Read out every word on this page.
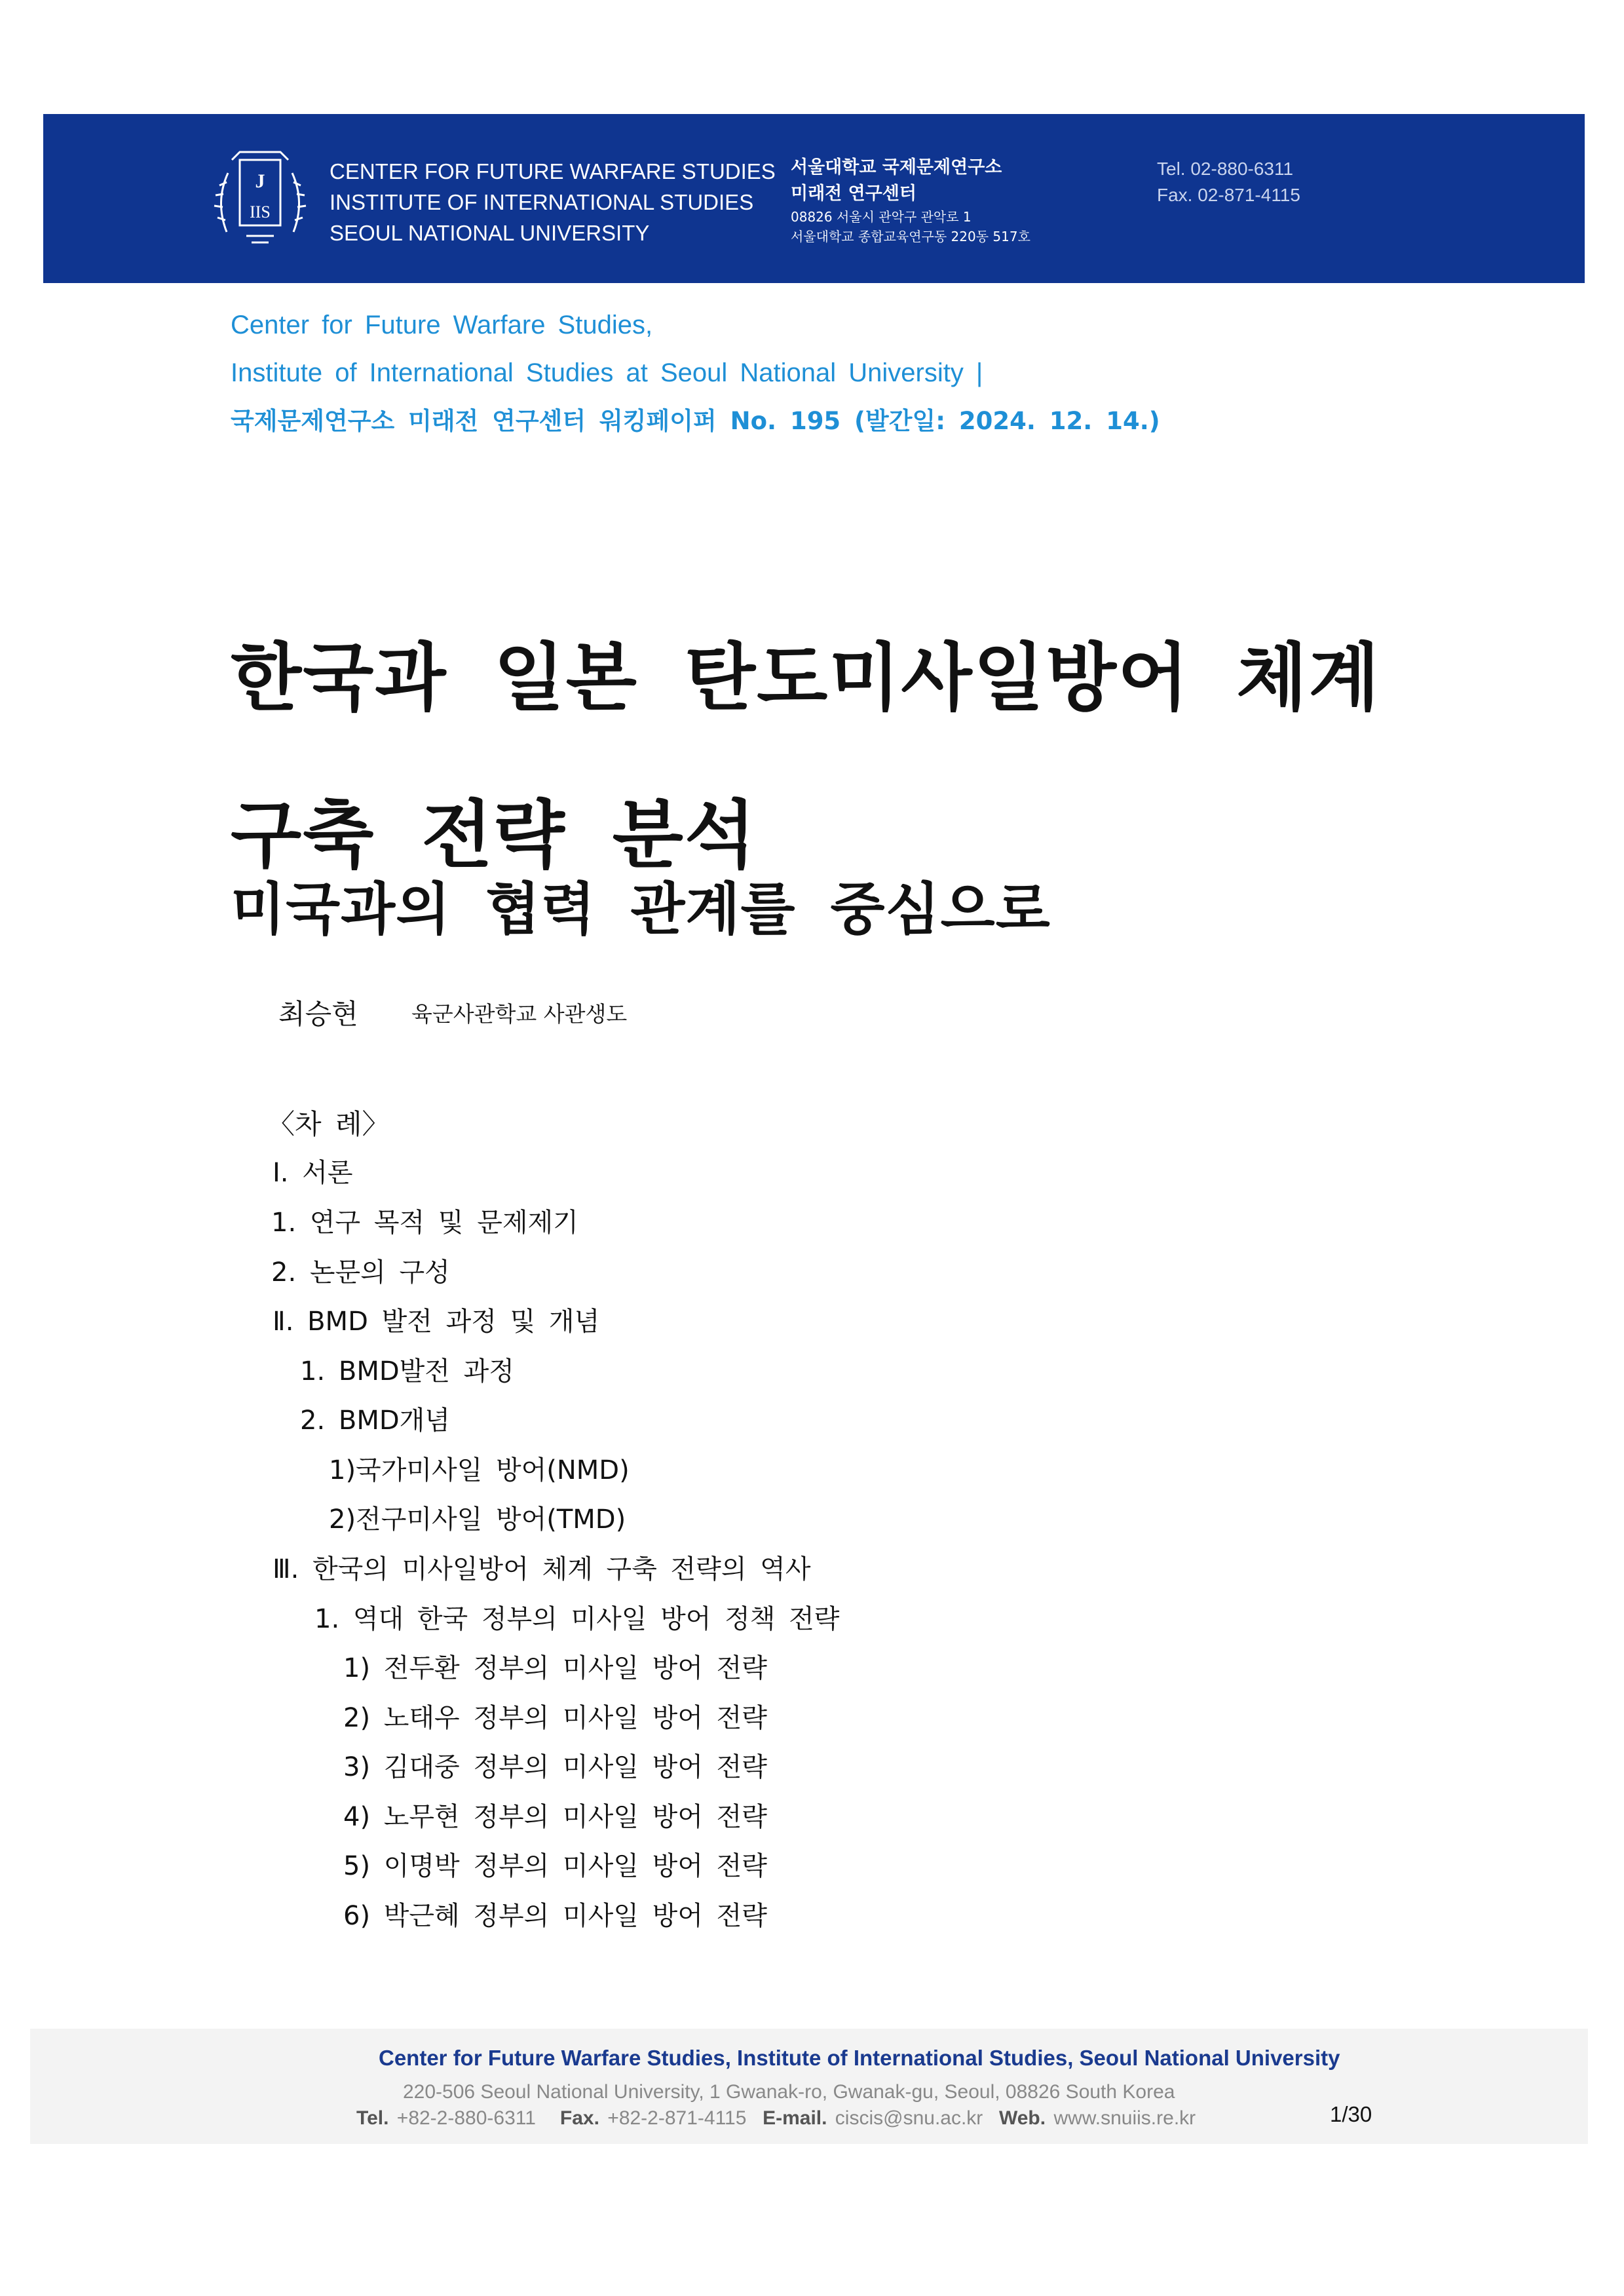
J
IIS
CENTER FOR FUTURE WARFARE STUDIES
INSTITUTE OF INTERNATIONAL STUDIES
SEOUL NATIONAL UNIVERSITY
서울대학교 국제문제연구소
미래전 연구센터
08826 서울시 관악구 관악로 1
서울대학교 종합교육연구동 220동 517호
Tel. 02-880-6311
Fax. 02-871-4115
Center for Future Warfare Studies,
Institute of International Studies at Seoul National University |
국제문제연구소 미래전 연구센터 워킹페이퍼 No. 195 (발간일: 2024. 12. 14.)
한국과 일본 탄도미사일방어 체계
구축 전략 분석
미국과의 협력 관계를 중심으로
최승현 육군사관학교 사관생도
〈차 례〉
Ⅰ. 서론
1. 연구 목적 및 문제제기
2. 논문의 구성
Ⅱ. BMD 발전 과정 및 개념
1. BMD발전 과정
2. BMD개념
1)국가미사일 방어(NMD)
2)전구미사일 방어(TMD)
Ⅲ. 한국의 미사일방어 체계 구축 전략의 역사
1. 역대 한국 정부의 미사일 방어 정책 전략
1) 전두환 정부의 미사일 방어 전략
2) 노태우 정부의 미사일 방어 전략
3) 김대중 정부의 미사일 방어 전략
4) 노무현 정부의 미사일 방어 전략
5) 이명박 정부의 미사일 방어 전략
6) 박근혜 정부의 미사일 방어 전략
Center for Future Warfare Studies, Institute of International Studies, Seoul National University
220-506 Seoul National University, 1 Gwanak-ro, Gwanak-gu, Seoul, 08826 South Korea
Tel. +82-2-880-6311 Fax. +82-2-871-4115 E-mail. ciscis@snu.ac.kr Web. www.snuiis.re.kr	1/30
